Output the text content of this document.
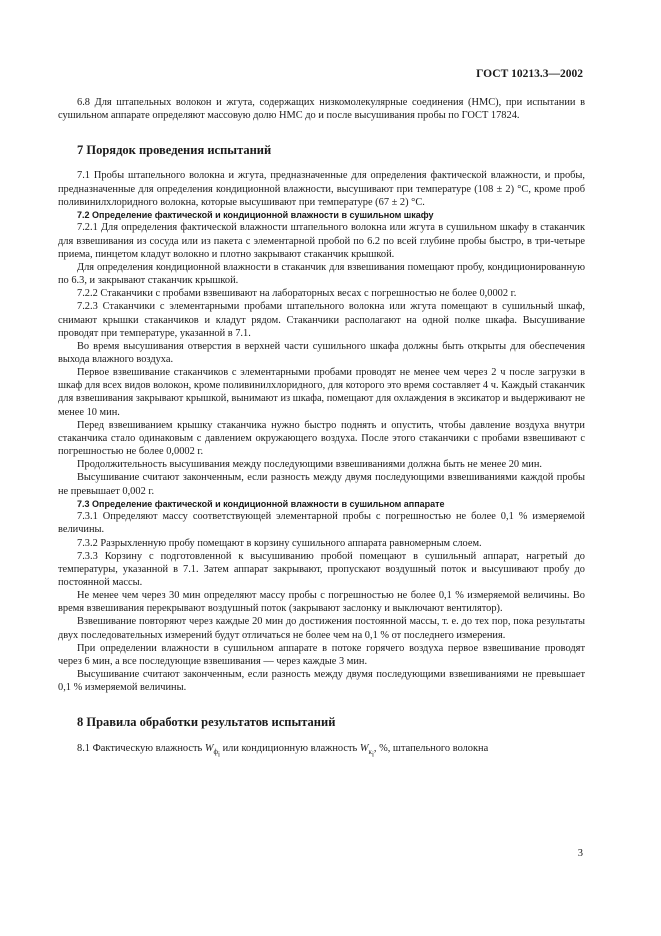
ГОСТ 10213.3—2002

6.8 Для штапельных волокон и жгута, содержащих низкомолекулярные соединения (НМС), при испытании в сушильном аппарате определяют массовую долю НМС до и после высушивания пробы по ГОСТ 17824.

7 Порядок проведения испытаний

7.1 Пробы штапельного волокна и жгута, предназначенные для определения фактической влажности, и пробы, предназначенные для определения кондиционной влажности, высушивают при температуре (108 ± 2) °С, кроме проб поливинилхлоридного волокна, которые высушивают при температуре (67 ± 2) °С.

7.2 Определение фактической и кондиционной влажности в сушильном шкафу

7.2.1 Для определения фактической влажности штапельного волокна или жгута в сушильном шкафу в стаканчик для взвешивания из сосуда или из пакета с элементарной пробой по 6.2 по всей глубине пробы быстро, в три-четыре приема, пинцетом кладут волокно и плотно закрывают стаканчик крышкой.

Для определения кондиционной влажности в стаканчик для взвешивания помещают пробу, кондиционированную по 6.3, и закрывают стаканчик крышкой.

7.2.2 Стаканчики с пробами взвешивают на лабораторных весах с погрешностью не более 0,0002 г.

7.2.3 Стаканчики с элементарными пробами штапельного волокна или жгута помещают в сушильный шкаф, снимают крышки стаканчиков и кладут рядом. Стаканчики располагают на одной полке шкафа. Высушивание проводят при температуре, указанной в 7.1.

Во время высушивания отверстия в верхней части сушильного шкафа должны быть открыты для обеспечения выхода влажного воздуха.

Первое взвешивание стаканчиков с элементарными пробами проводят не менее чем через 2 ч после загрузки в шкаф для всех видов волокон, кроме поливинилхлоридного, для которого это время составляет 4 ч. Каждый стаканчик для взвешивания закрывают крышкой, вынимают из шкафа, помещают для охлаждения в эксикатор и выдерживают не менее 10 мин.

Перед взвешиванием крышку стаканчика нужно быстро поднять и опустить, чтобы давление воздуха внутри стаканчика стало одинаковым с давлением окружающего воздуха. После этого стаканчики с пробами взвешивают с погрешностью не более 0,0002 г.

Продолжительность высушивания между последующими взвешиваниями должна быть не менее 20 мин.

Высушивание считают законченным, если разность между двумя последующими взвешиваниями каждой пробы не превышает 0,002 г.

7.3 Определение фактической и кондиционной влажности в сушильном аппарате

7.3.1 Определяют массу соответствующей элементарной пробы с погрешностью не более 0,1 % измеряемой величины.

7.3.2 Разрыхленную пробу помещают в корзину сушильного аппарата равномерным слоем.

7.3.3 Корзину с подготовленной к высушиванию пробой помещают в сушильный аппарат, нагретый до температуры, указанной в 7.1. Затем аппарат закрывают, пропускают воздушный поток и высушивают пробу до постоянной массы.

Не менее чем через 30 мин определяют массу пробы с погрешностью не более 0,1 % измеряемой величины. Во время взвешивания перекрывают воздушный поток (закрывают заслонку и выключают вентилятор).

Взвешивание повторяют через каждые 20 мин до достижения постоянной массы, т. е. до тех пор, пока результаты двух последовательных измерений будут отличаться не более чем на 0,1 % от последнего измерения.

При определении влажности в сушильном аппарате в потоке горячего воздуха первое взвешивание проводят через 6 мин, а все последующие взвешивания — через каждые 3 мин.

Высушивание считают законченным, если разность между двумя последующими взвешиваниями не превышает 0,1 % измеряемой величины.

8 Правила обработки результатов испытаний

8.1 Фактическую влажность $W_{ф_i}$ или кондиционную влажность $W_{к_i}$, %, штапельного волокна

3
